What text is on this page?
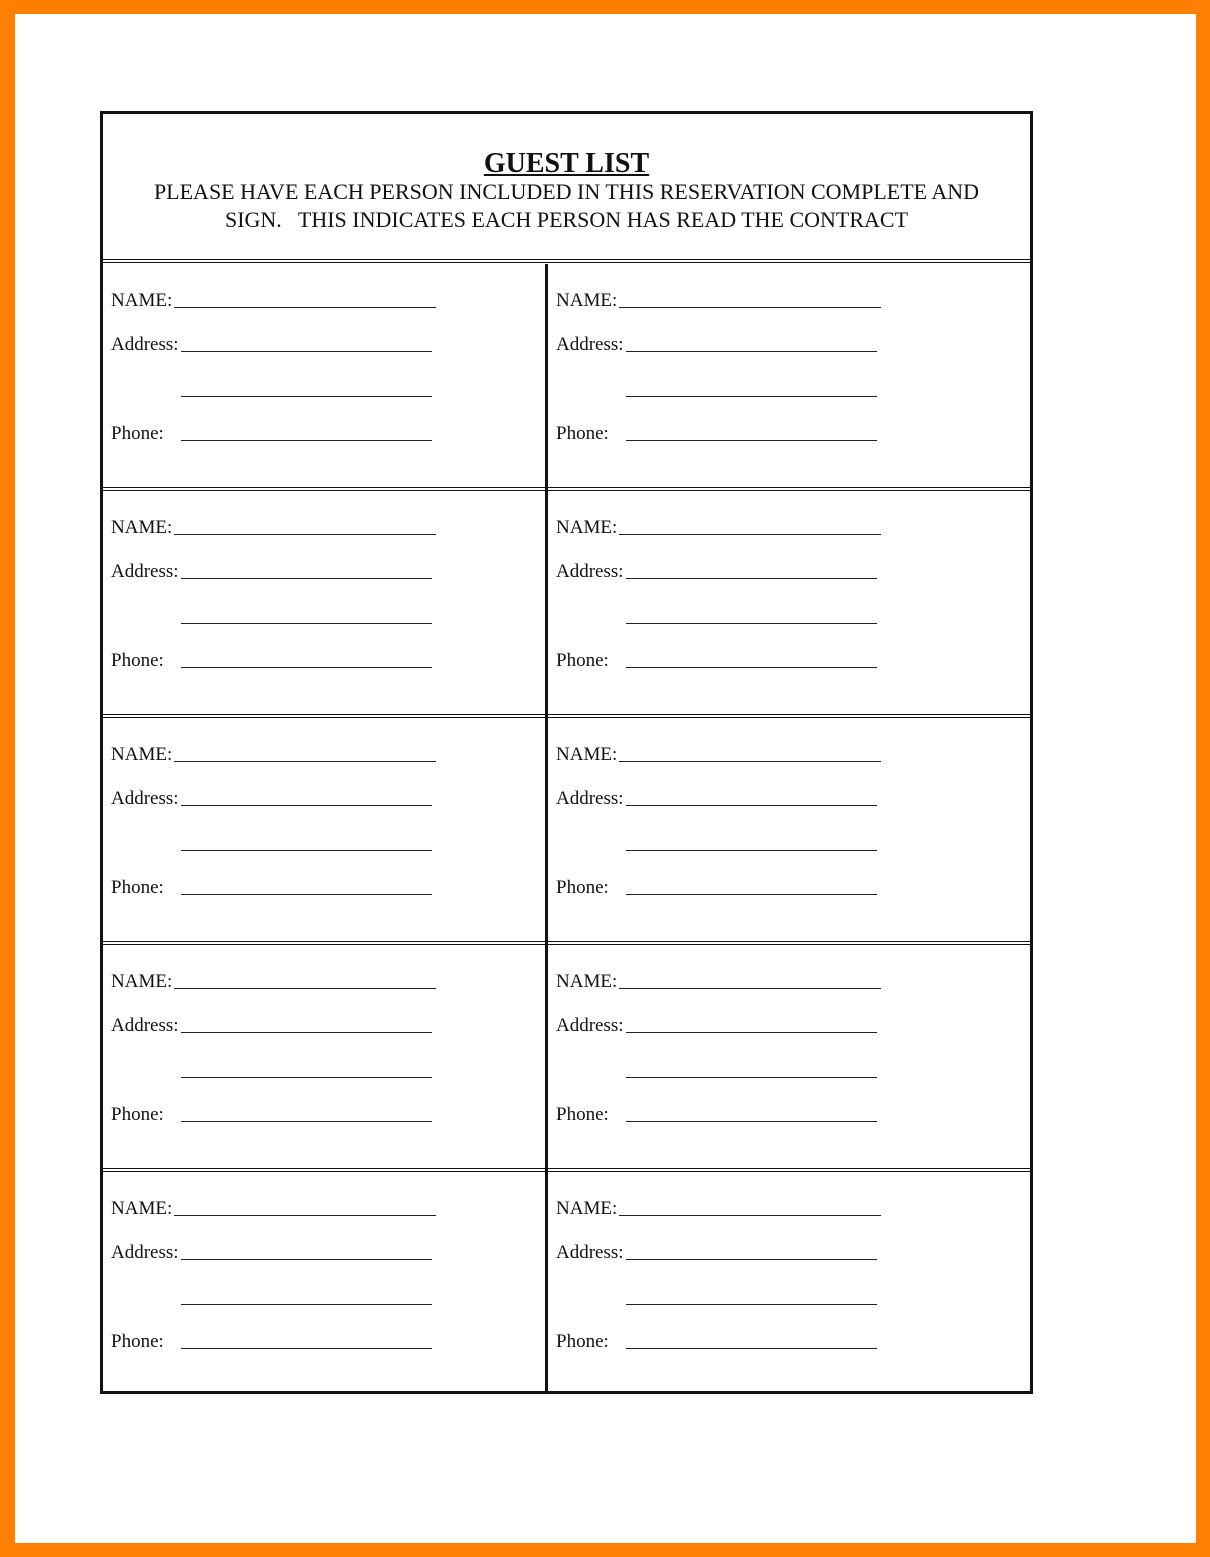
GUEST LIST
PLEASE HAVE EACH PERSON INCLUDED IN THIS RESERVATION COMPLETE AND
SIGN.   THIS INDICATES EACH PERSON HAS READ THE CONTRACT
NAME:
Address:
Phone:
NAME:
Address:
Phone:
NAME:
Address:
Phone:
NAME:
Address:
Phone:
NAME:
Address:
Phone:
NAME:
Address:
Phone:
NAME:
Address:
Phone:
NAME:
Address:
Phone:
NAME:
Address:
Phone:
NAME:
Address:
Phone:
